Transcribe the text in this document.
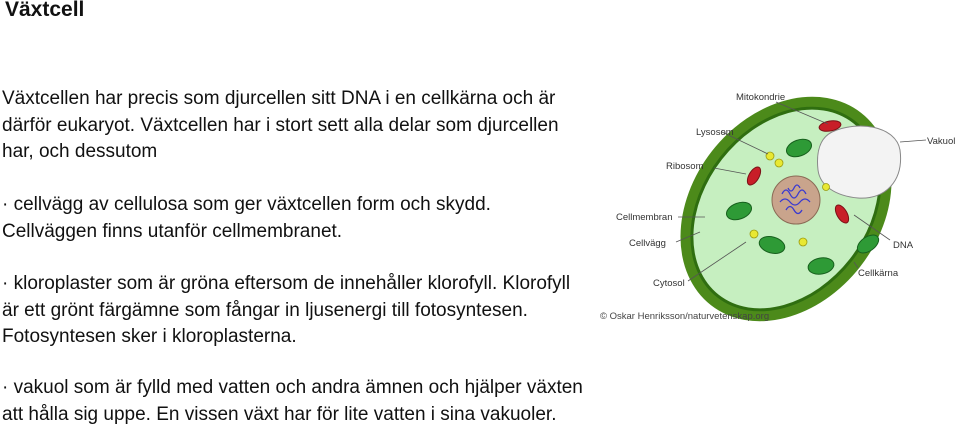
Växtcell

Växtcellen har precis som djurcellen sitt DNA i en cellkärna och är därför eukaryot. Växtcellen har i stort sett alla delar som djurcellen har, och dessutom

· cellvägg av cellulosa som ger växtcellen form och skydd. Cellväggen finns utanför cellmembranet.

· kloroplaster som är gröna eftersom de innehåller klorofyll. Klorofyll är ett grönt färgämne som fångar in ljusenergi till fotosyntesen. Fotosyntesen sker i kloroplasterna.

· vakuol som är fylld med vatten och andra ämnen och hjälper växten att hålla sig uppe. En vissen växt har för lite vatten i sina vakuoler.

Mitokondrie
Lysosom
Vakuol
Ribosom
Cellmembran
Cellvägg	DNA
Cytosol
Cellkärna
© Oskar Henriksson/naturvetenskap.org
